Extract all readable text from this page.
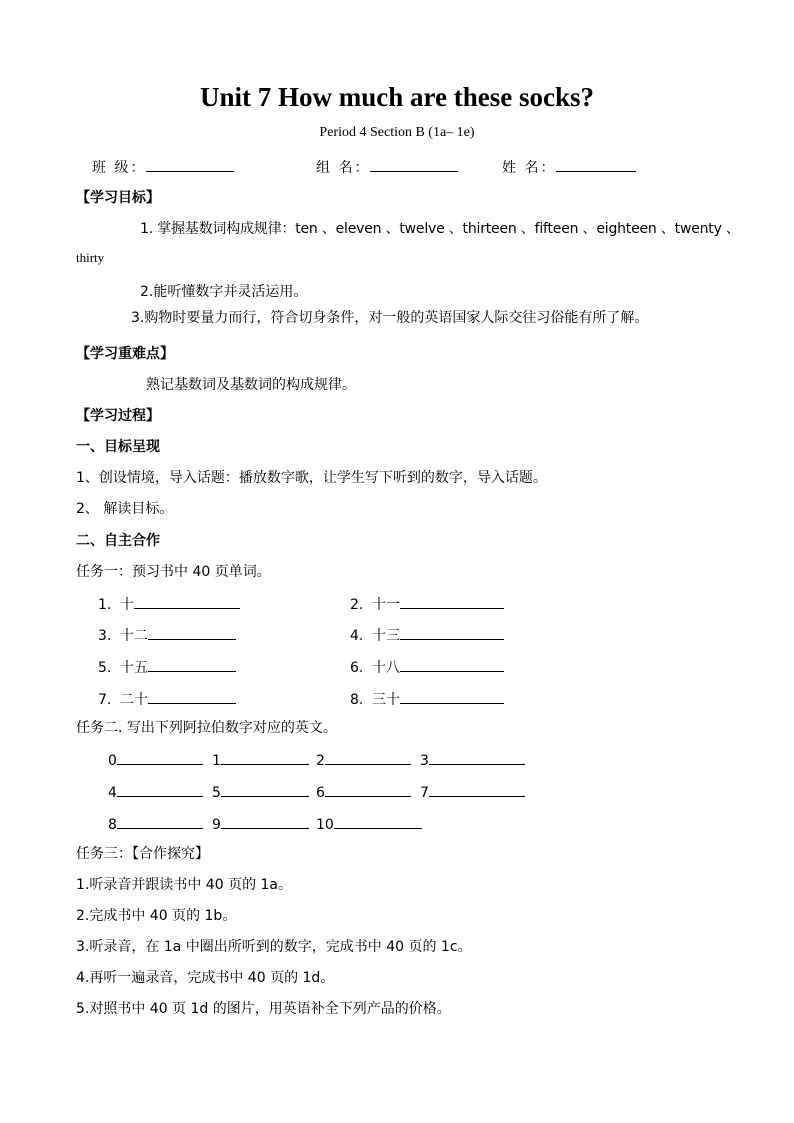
Unit 7 How much are these socks?
Period 4 Section B (1a– 1e)
班 级：	组 名：	姓 名：
【学习目标】
1. 掌握基数词构成规律：ten 、eleven 、twelve 、thirteen 、fifteen 、eighteen 、twenty 、
thirty
2.能听懂数字并灵活运用。
3.购物时要量力而行，符合切身条件，对一般的英语国家人际交往习俗能有所了解。
【学习重难点】
熟记基数词及基数词的构成规律。
【学习过程】
一、目标呈现
1、创设情境，导入话题：播放数字歌，让学生写下听到的数字，导入话题。
2、 解读目标。
二、自主合作
任务一：预习书中 40 页单词。
1. 十	2. 十一
3. 十二	4. 十三
5. 十五	6. 十八
7. 二十	8. 三十
任务二. 写出下列阿拉伯数字对应的英文。
0	1	2	3
4	5	6	7
8	9	10
任务三：【合作探究】
1.听录音并跟读书中 40 页的 1a。
2.完成书中 40 页的 1b。
3.听录音，在 1a 中圈出所听到的数字，完成书中 40 页的 1c。
4.再听一遍录音，完成书中 40 页的 1d。
5.对照书中 40 页 1d 的图片，用英语补全下列产品的价格。
